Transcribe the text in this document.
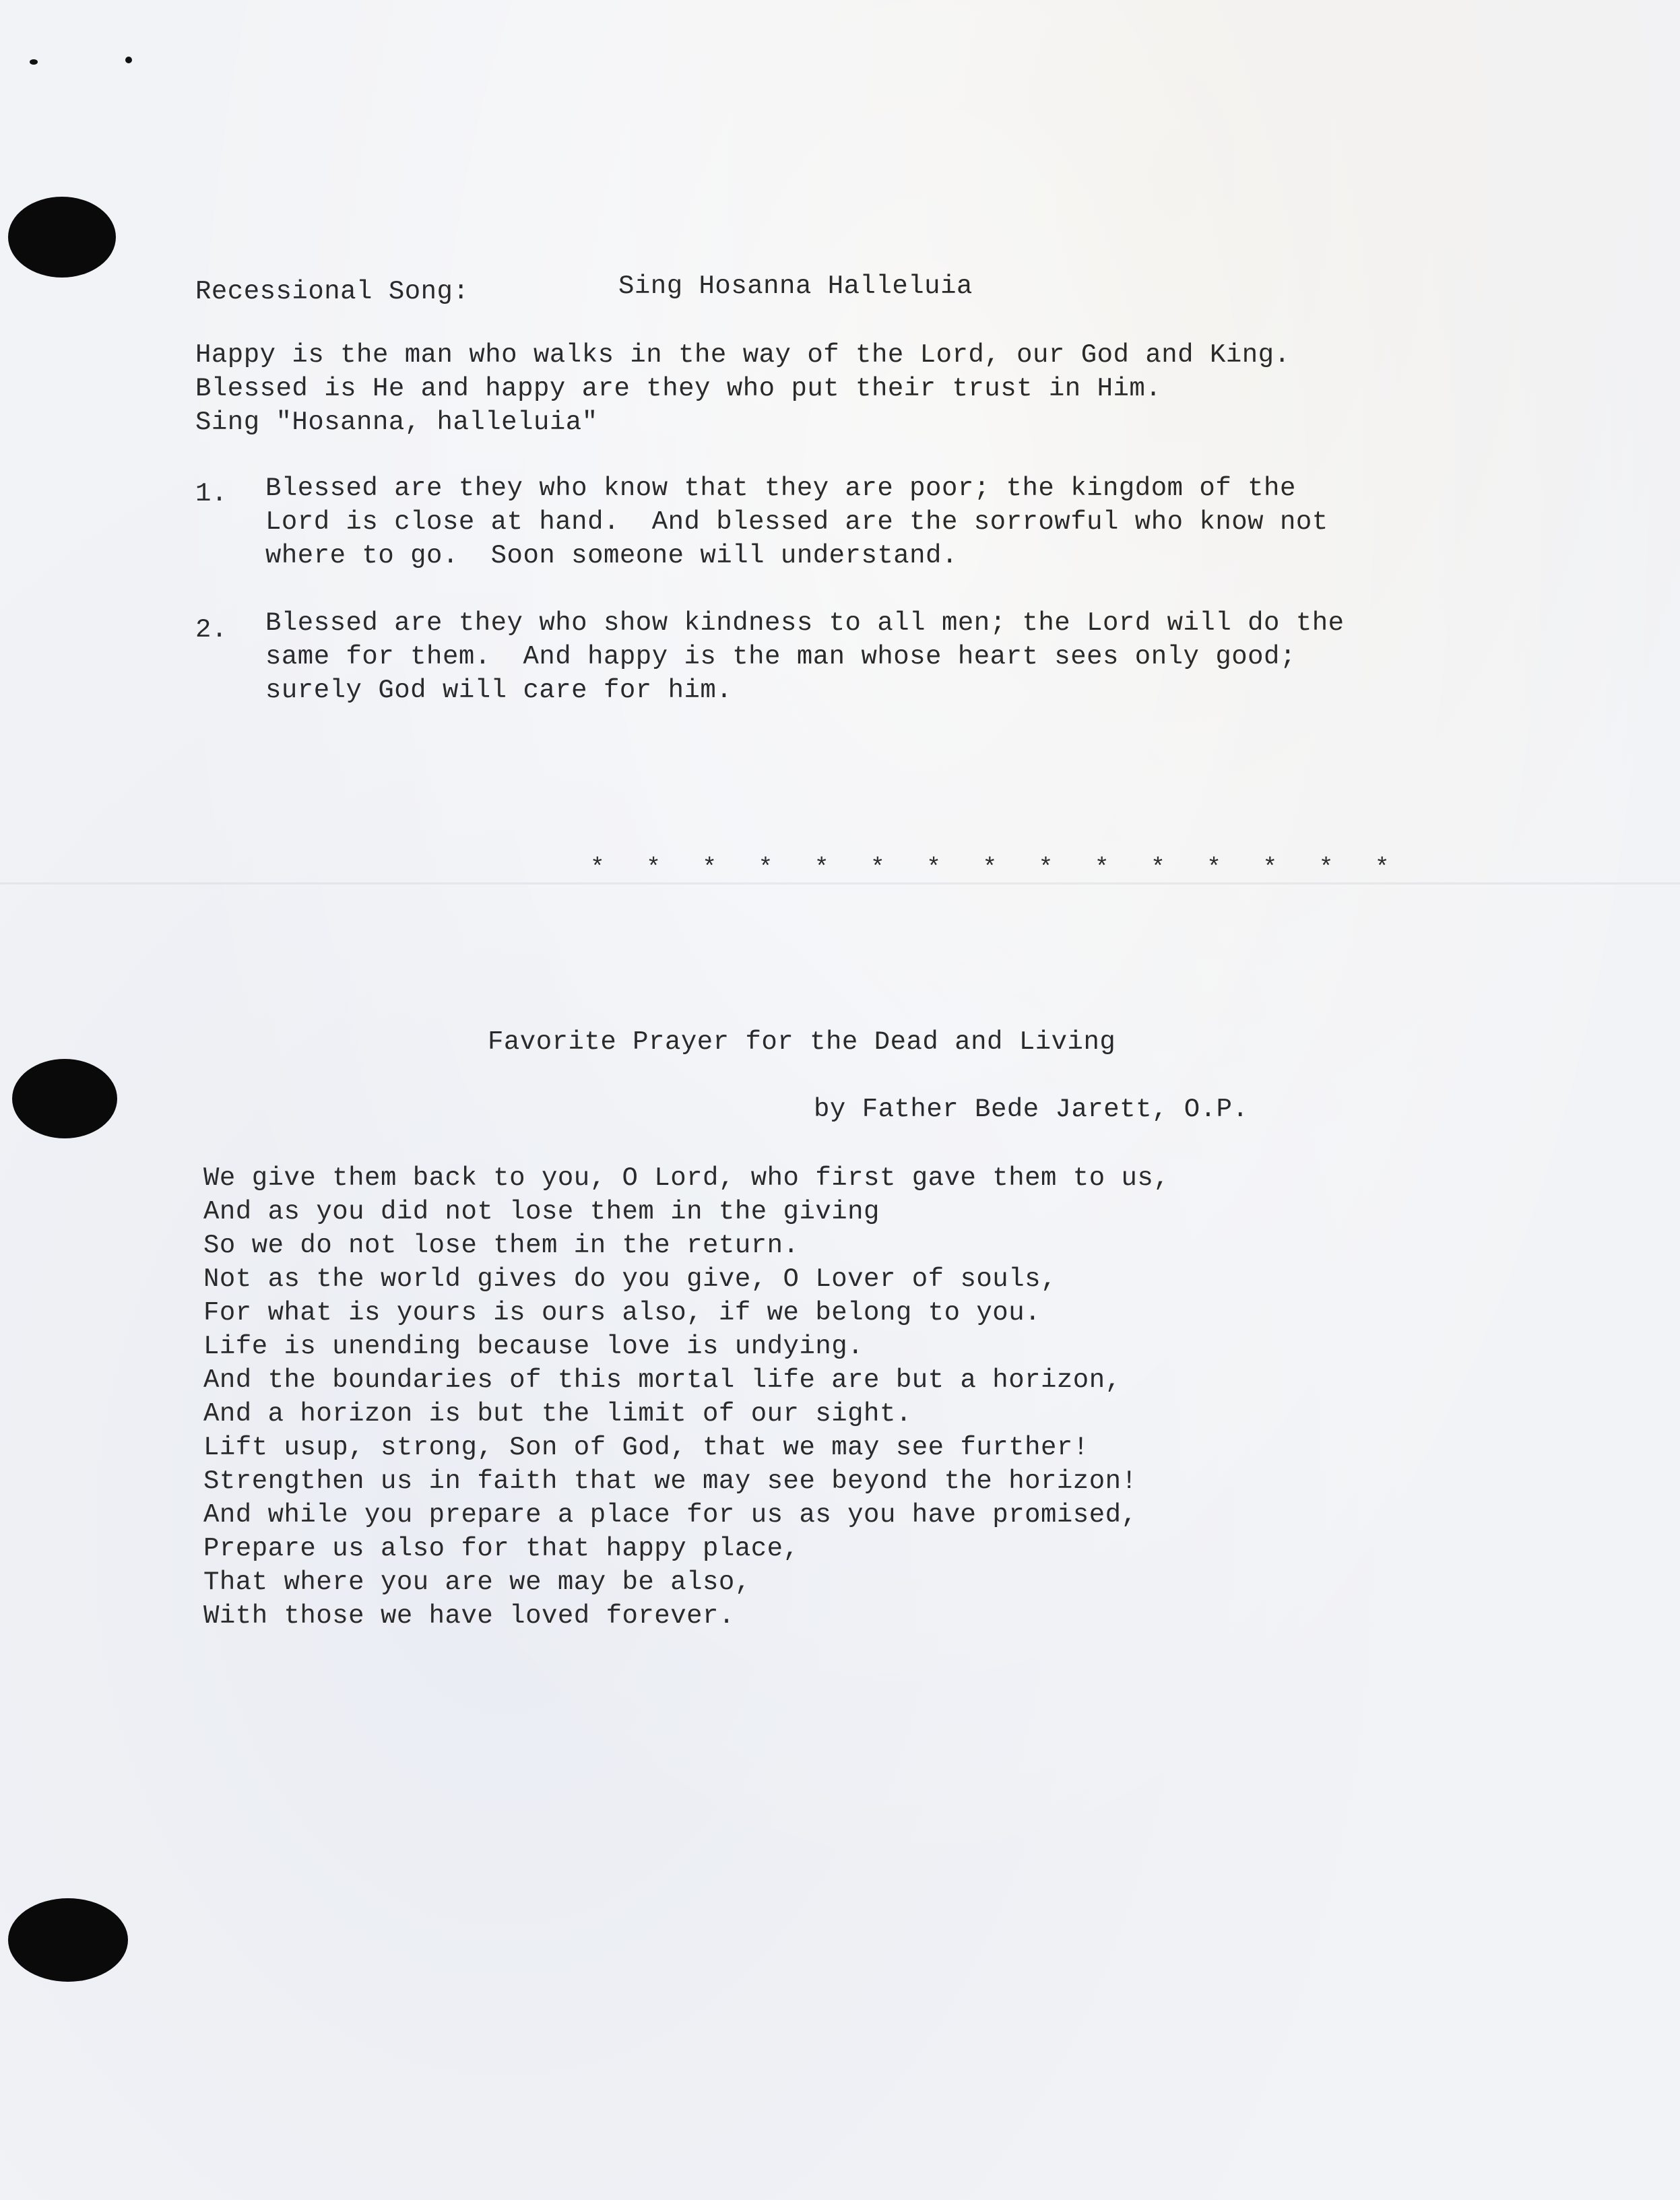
Recessional Song:	Sing Hosanna Halleluia
Happy is the man who walks in the way of the Lord, our God and King.
Blessed is He and happy are they who put their trust in Him.
Sing "Hosanna, halleluia"
1. Blessed are they who know that they are poor; the kingdom of the
Lord is close at hand.  And blessed are the sorrowful who know not
where to go.  Soon someone will understand.
2. Blessed are they who show kindness to all men; the Lord will do the
same for them.  And happy is the man whose heart sees only good;
surely God will care for him.
* * * * * * * * * * * * * * *
Favorite Prayer for the Dead and Living
by Father Bede Jarett, O.P.
We give them back to you, O Lord, who first gave them to us,
And as you did not lose them in the giving
So we do not lose them in the return.
Not as the world gives do you give, O Lover of souls,
For what is yours is ours also, if we belong to you.
Life is unending because love is undying.
And the boundaries of this mortal life are but a horizon,
And a horizon is but the limit of our sight.
Lift usup, strong, Son of God, that we may see further!
Strengthen us in faith that we may see beyond the horizon!
And while you prepare a place for us as you have promised,
Prepare us also for that happy place,
That where you are we may be also,
With those we have loved forever.
